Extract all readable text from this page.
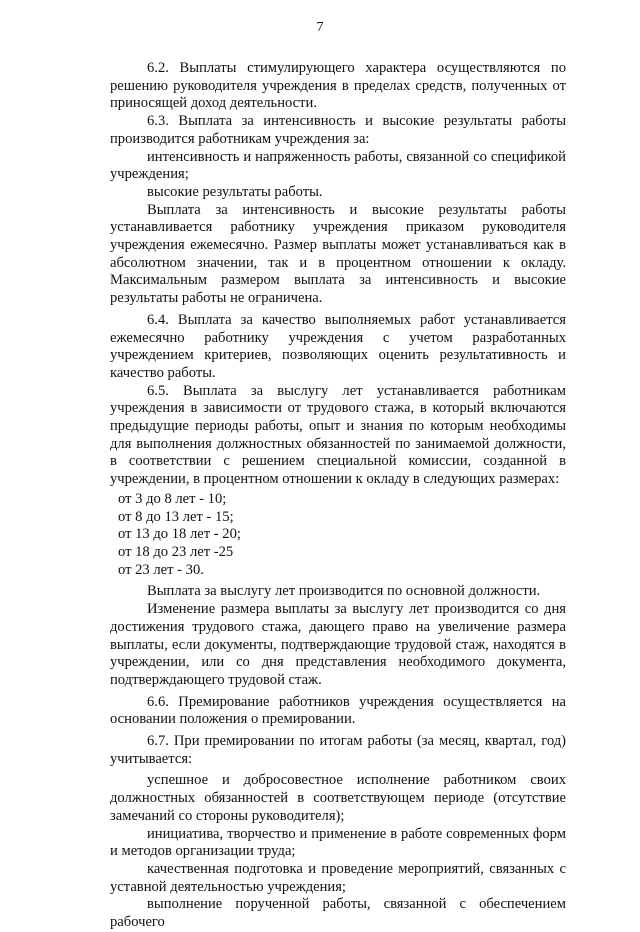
7

6.2. Выплаты стимулирующего характера осуществляются по решению руководителя учреждения в пределах средств, полученных от приносящей доход деятельности.

6.3. Выплата за интенсивность и высокие результаты работы производится работникам учреждения за:

интенсивность и напряженность работы, связанной со спецификой учреждения;

высокие результаты работы.

Выплата за интенсивность и высокие результаты работы устанавливается работнику учреждения приказом руководителя учреждения ежемесячно. Размер выплаты может устанавливаться как в абсолютном значении, так и в процентном отношении к окладу. Максимальным размером выплата за интенсивность и высокие результаты работы не ограничена.

6.4. Выплата за качество выполняемых работ устанавливается ежемесячно работнику учреждения с учетом разработанных учреждением критериев, позволяющих оценить результативность и качество работы.

6.5. Выплата за выслугу лет устанавливается работникам учреждения в зависимости от трудового стажа, в который включаются предыдущие периоды работы, опыт и знания по которым необходимы для выполнения должностных обязанностей по занимаемой должности, в соответствии с решением специальной комиссии, созданной в учреждении, в процентном отношении к окладу в следующих размерах:

от 3 до 8 лет - 10;

от 8 до 13 лет - 15;

от 13 до 18 лет - 20;

от 18 до 23 лет -25

от 23 лет - 30.

Выплата за выслугу лет производится по основной должности.

Изменение размера выплаты за выслугу лет производится со дня достижения трудового стажа, дающего право на увеличение размера выплаты, если документы, подтверждающие трудовой стаж, находятся в учреждении, или со дня представления необходимого документа, подтверждающего трудовой стаж.

6.6. Премирование работников учреждения осуществляется на основании положения о премировании.

6.7. При премировании по итогам работы (за месяц, квартал, год) учитывается:

успешное и добросовестное исполнение работником своих должностных обязанностей в соответствующем периоде (отсутствие замечаний со стороны руководителя);

инициатива, творчество и применение в работе современных форм и методов организации труда;

качественная подготовка и проведение мероприятий, связанных с уставной деятельностью учреждения;

выполнение порученной работы, связанной с обеспечением рабочего
